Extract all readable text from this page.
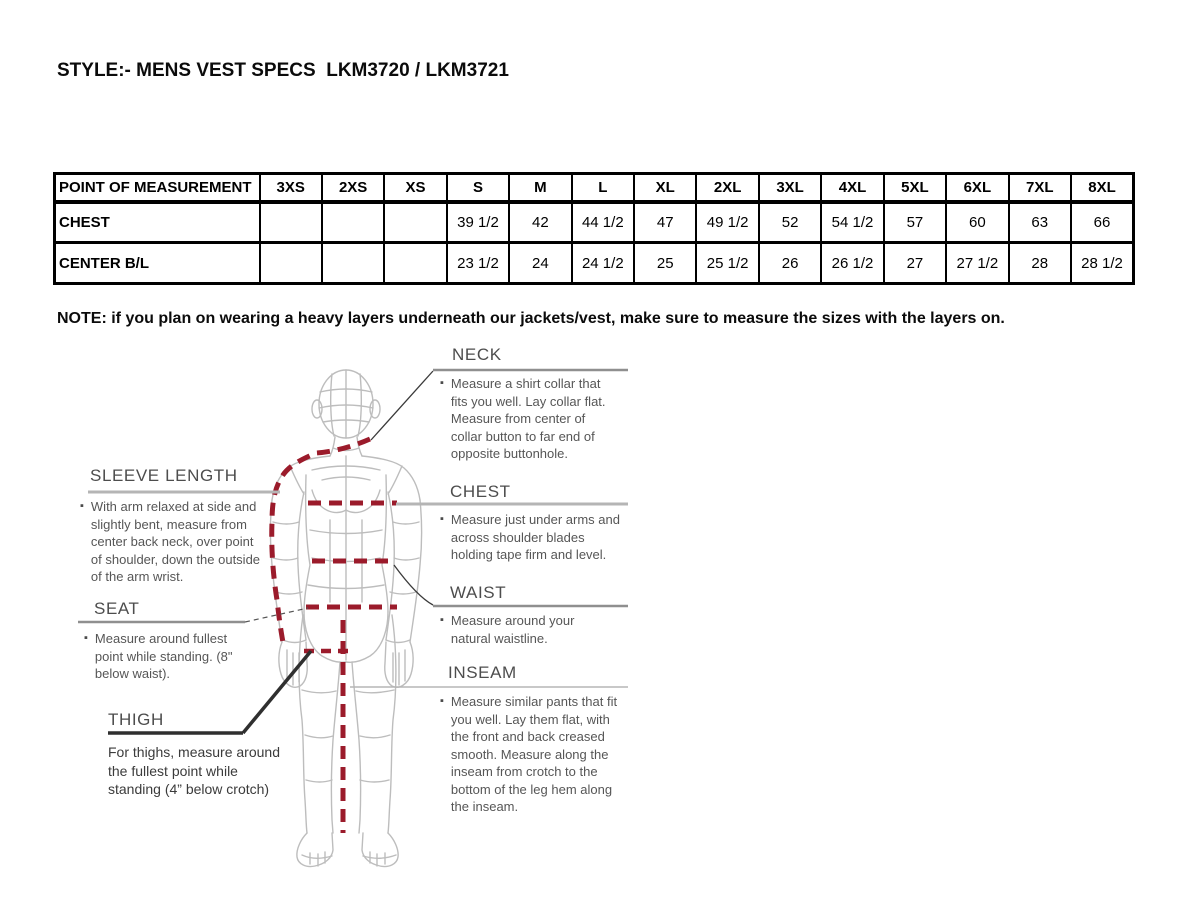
STYLE:- MENS VEST SPECS  LKM3720 / LKM3721
POINT OF MEASUREMENT	3XS	2XS	XS	S	M	L	XL	2XL	3XL	4XL	5XL	6XL	7XL	8XL
CHEST				39 1/2	42	44 1/2	47	49 1/2	52	54 1/2	57	60	63	66
CENTER B/L				23 1/2	24	24 1/2	25	25 1/2	26	26 1/2	27	27 1/2	28	28 1/2
NOTE: if you plan on wearing a heavy layers underneath our jackets/vest, make sure to measure the sizes with the layers on.
NECK
▪ Measure a shirt collar that fits you well. Lay collar flat. Measure from center of collar button to far end of opposite buttonhole.
CHEST
▪ Measure just under arms and across shoulder blades holding tape firm and level.
WAIST
▪ Measure around your natural waistline.
INSEAM
▪ Measure similar pants that fit you well. Lay them flat, with the front and back creased smooth. Measure along the inseam from crotch to the bottom of the leg hem along the inseam.
SLEEVE LENGTH
▪ With arm relaxed at side and slightly bent, measure from center back neck, over point of shoulder, down the outside of the arm wrist.
SEAT
▪ Measure around fullest point while standing. (8" below waist).
THIGH
For thighs, measure around the fullest point while standing (4” below crotch)
